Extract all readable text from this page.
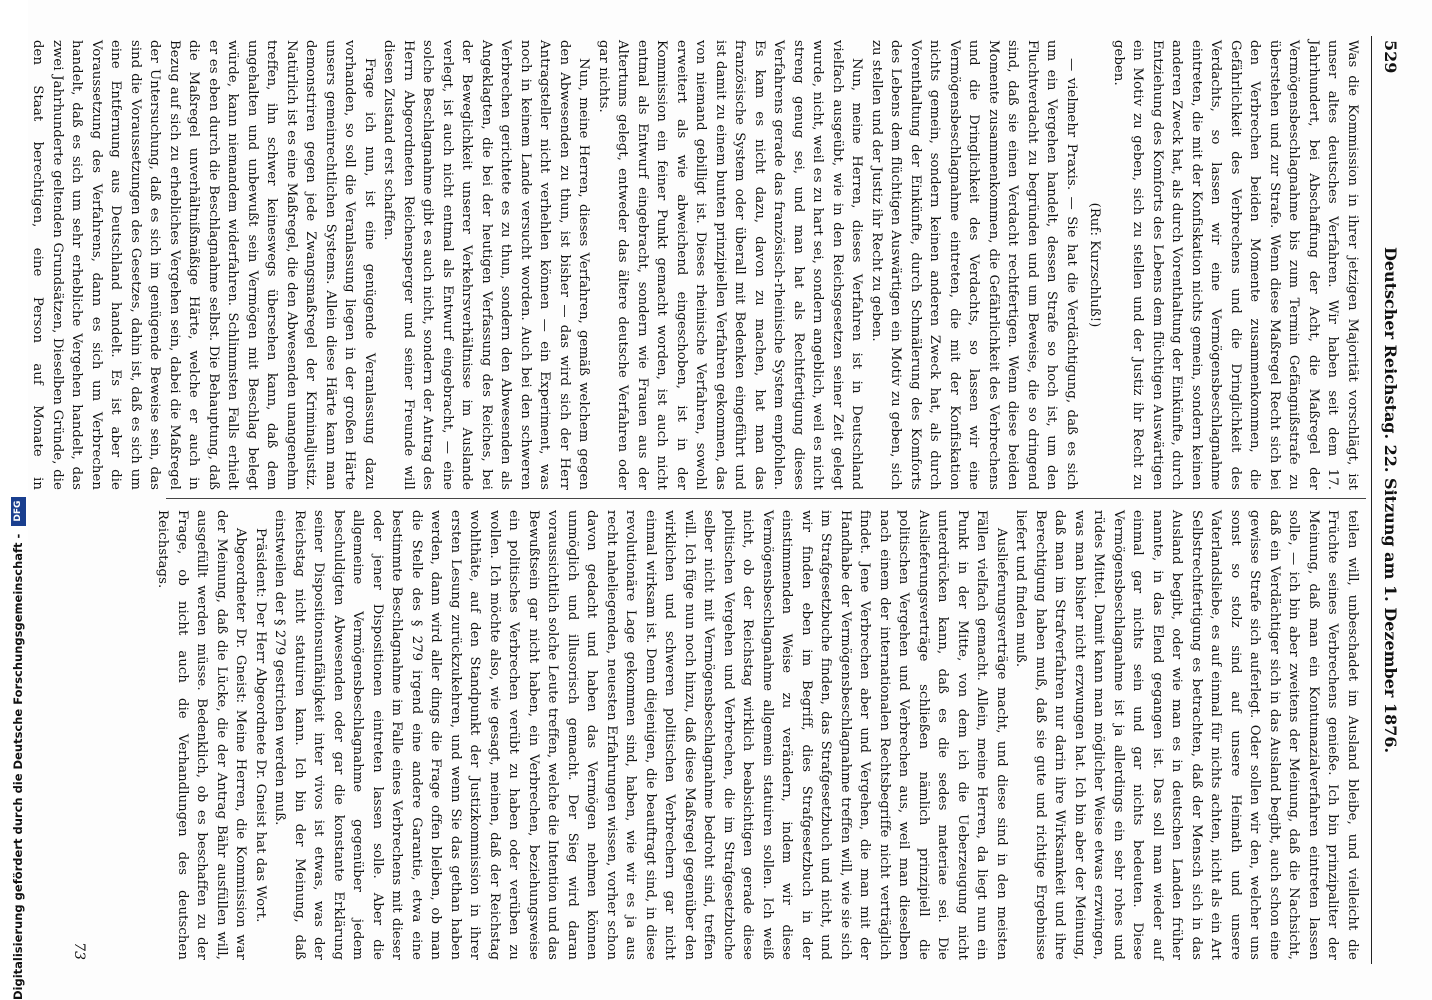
529
Deutscher Reichstag. 22. Sitzung am 1. Dezember 1876.

Was die Kommission in ihrer jetzigen Majorität vorschlägt, ist unser altes deutsches Verfahren. Wir haben seit dem 17. Jahrhundert, bei Abschaffung der Acht, die Maßregel der Vermögensbeschlagnahme bis zum Termin Gefängnißstrafe zu überstehen und zur Strafe. Wenn diese Maßregel Recht sich bei den Verbrechen beiden Momente zusammenkommen, die Gefährlichkeit des Verbrechens und die Dringlichkeit des Verdachts, so lassen wir eine Vermögensbeschlagnahme eintreten, die mit der Konfiskation nichts gemein, sondern keinen anderen Zweck hat, als durch Vorenthaltung der Einkünfte, durch Entziehung des Komforts des Lebens dem flüchtigen Auswärtigen ein Motiv zu geben, sich zu stellen und der Justiz ihr Recht zu geben.

(Ruf: Kurzschluß!)

— vielmehr Praxis. — Sie hat die Verdächtigung, daß es sich um ein Vergehen handelt, dessen Strafe so hoch ist, um den Fluchtverdacht zu begründen und um Beweise, die so dringend sind, daß sie einen Verdacht rechtfertigen. Wenn diese beiden Momente zusammenkommen, die Gefährlichkeit des Verbrechens und die Dringlichkeit des Verdachts, so lassen wir eine Vermögensbeschlagnahme eintreten, die mit der Konfiskation nichts gemein, sondern keinen anderen Zweck hat, als durch Vorenthaltung der Einkünfte, durch Schmälerung des Komforts des Lebens dem flüchtigen Auswärtigen ein Motiv zu geben, sich zu stellen und der Justiz ihr Recht zu geben.

Nun, meine Herren, dieses Verfahren ist in Deutschland vielfach ausgeübt, wie in den Reichsgesetzen seiner Zeit gelegt wurde, nicht, weil es zu hart sei, sondern angeblich, weil es nicht streng genug sei, und man hat als Rechtfertigung dieses Verfahrens gerade das französisch-rheinische System empfohlen. Es kam es nicht dazu, davon zu machen, hat man das französische System oder überall mit Bedenken eingeführt und ist damit zu einem bunten prinzipiellen Verfahren gekommen, das von niemand gebilligt ist. Dieses rheinische Verfahren, sowohl erweitert als wie abweichend eingeschoben, ist in der Kommission ein feiner Punkt gemacht worden, ist auch nicht entmal als Entwurf eingebracht, sondern wie Frauen aus der Altertums gelegt, entweder das ältere deutsche Verfahren oder gar nichts.

Nun, meine Herren, dieses Verfahren, gemäß welchem gegen den Abwesenden zu thun, ist bisher — das wird sich der Herr Antragsteller nicht verhehlen können — ein Experiment, was noch in keinem Lande versucht worden. Auch bei den schweren Verbrechen gerichtete es zu thun, sondern den Abwesenden als Angeklagten, die bei der heutigen Verfassung des Reiches, bei der Beweglichkeit unserer Verkehrsverhältnisse im Auslande verlegt, ist auch nicht entmal als Entwurf eingebracht, — eine solche Beschlagnahme gibt es auch nicht, sondern der Antrag des Herrn Abgeordneten Reichensperger und seiner Freunde will diesen Zustand erst schaffen.

Frage ich nun, ist eine genügende Veranlassung dazu vorhanden, so soll die Veranlassung liegen in der großen Härte unsers gemeinrechtlichen Systems. Allein diese Härte kann man demonstriren gegen jede Zwangsmaßregel der Kriminaljustiz. Natürlich ist es eine Maßregel, die den Abwesenden unangenehm treffen, ihn schwer keineswegs übersehen kann, daß dem ungehalten und unbewußt sein Vermögen mit Beschlag belegt würde, kann niemandem widerfahren. Schlimmsten Falls erhielt er es eben durch die Beschlagnahme selbst. Die Behauptung, daß die Maßregel unverhältnißmäßige Härte, welche er auch in Bezug auf sich zu erhebliches Vergehen sein, dabei die Maßregel der Untersuchung, daß es sich im genügende Beweise sein, das sind die Voraussetzungen des Gesetzes, dahin ist, daß es sich um eine Entfernung aus Deutschland handelt. Es ist aber die Voraussetzung des Verfahrens, dann es sich um Verbrechen handelt, daß es sich um sehr erhebliche Vergehen handelt, das zwei Jahrhunderte geltenden Grundsätzen, Dieselben Gründe, die den Staat berechtigen, eine Person auf Monate in

teilen will, unbeschadet im Ausland bleibe, und vielleicht die Früchte seines Verbrechens genieße. Ich bin prinzipaliter der Meinung, daß man ein Kontumazialverfahren eintreten lassen solle, — ich bin aber zweitens der Meinung, daß die Nachsicht, daß ein Verdächtiger sich in das Ausland begibt, auch schon eine gewisse Strafe sich auferlegt. Oder sollen wir den, welcher uns sonst so stolz sind auf unsere Heimath und unsere Vaterlandsliebe, es auf einmal für nichts achten, nicht als ein Art Selbstrechtfertigung es betrachten, daß der Mensch sich in das Ausland begibt, oder wie man es in deutschen Landen früher nannte, in das Elend gegangen ist. Das soll man wieder auf einmal gar nichts sein und gar nichts bedeuten. Diese Vermögensbeschlagnahme ist ja allerdings ein sehr rohes und rüdes Mittel. Damit kann man möglicher Weise etwas erzwingen, was man bisher nicht erzwungen hat. Ich bin aber der Meinung, daß man im Strafverfahren nur darin ihre Wirksamkeit und ihre Berechtigung haben muß, daß sie gute und richtige Ergebnisse liefert und finden muß.

Auslieferungsverträge macht, und diese sind in den meisten Fällen vielfach gemacht. Allein, meine Herren, da liegt nun ein Punkt in der Mitte, von dem ich die Ueberzeugung nicht unterdrücken kann, daß es die sedes materiae sei. Die Auslieferungsverträge schließen nämlich prinzipiell die politischen Vergehen und Verbrechen aus, weil man dieselben nach einem der internationalen Rechtsbegriffe nicht verträglich findet. Jene Verbrechen aber und Vergehen, die man mit der Handhabe der Vermögensbeschlagnahme treffen will, wie sie sich im Strafgesetzbuche finden, das Strafgesetzbuch und nicht, und wir finden eben im Begriff, dies Strafgesetzbuch in der einstimmenden Weise zu verändern, indem wir diese Vermögensbeschlagnahme allgemein statuiren sollen. Ich weiß nicht, ob der Reichstag wirklich beabsichtigen gerade diese politischen Vergehen und Verbrechen, die im Strafgesetzbuche selber nicht mit Vermögensbeschlagnahme bedroht sind, treffen will. Ich füge nun noch hinzu, daß diese Maßregel gegenüber den wirklichen und schweren politischen Verbrechern gar nicht einmal wirksam ist. Denn diejenigen, die beauftragt sind, in diese revolutionäre Lage gekommen sind, haben, wie wir es ja aus recht naheliegenden, neuesten Erfahrungen wissen, vorher schon davon gedacht und haben das Vermögen nehmen können unmöglich und illusorisch gemacht. Der Sieg wird daran voraussichtlich solche Leute treffen, welche die Intention und das Bewußtsein gar nicht haben, ein Verbrechen, beziehungsweise ein politisches Verbrechen verübt zu haben oder verüben zu wollen. Ich möchte also, wie gesagt, meinen, daß der Reichstag wohlthäte, auf den Standpunkt der Justizkommission in ihrer ersten Lesung zurückzukehren, und wenn Sie das gethan haben werden, dann wird aller dings die Frage offen bleiben, ob man die Stelle des § 279 irgend eine andere Garantie, etwa eine bestimmte Beschlagnahme im Falle eines Verbrechens mit dieser oder jener Dispositionen eintreten lassen solle. Aber die allgemeine Vermögensbeschlagnahme gegenüber jedem beschuldigten Abwesenden oder gar die konstante Erklärung seiner Dispositionsunfähigkeit inter vivos ist etwas, was der Reichstag nicht statuiren kann. Ich bin der Meinung, daß einstweilen der § 279 gestrichen werden muß.

Präsident: Der Herr Abgeordnete Dr. Gneist hat das Wort.

Abgeordneter Dr. Gneist: Meine Herren, die Kommission war der Meinung, daß die Lücke, die der Antrag Bähr ausfüllen will, ausgefüllt werden müsse. Bedenklich, ob es beschaffen zu der Frage, ob nicht auch die Verhandlungen des deutschen Reichstags.

73
Digitalisierung gefördert durch die Deutsche Forschungsgemeinschaft -
DFG
